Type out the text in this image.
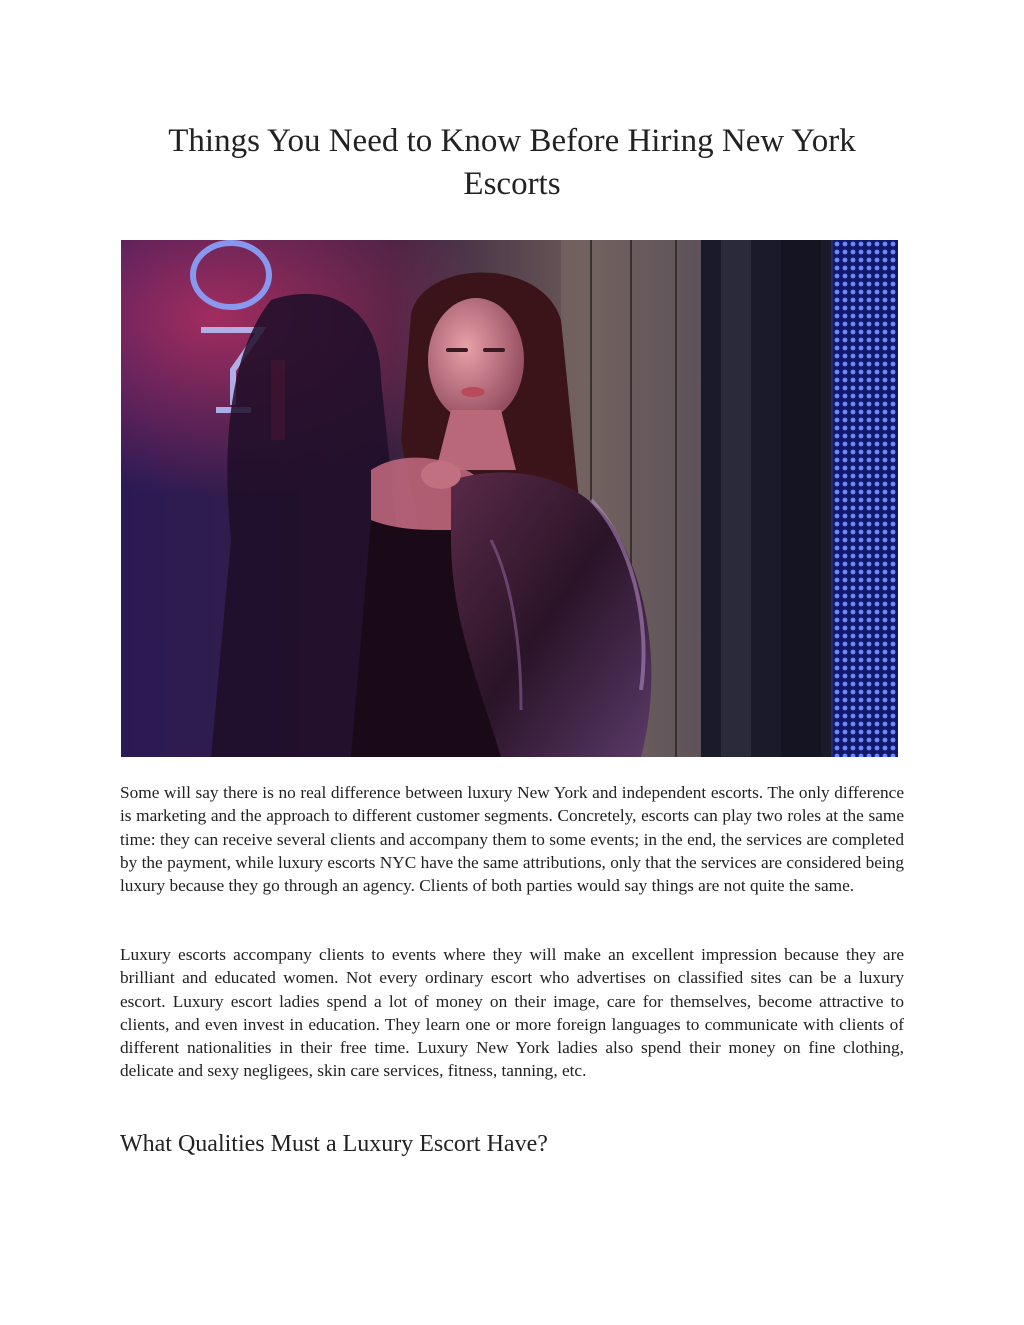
Things You Need to Know Before Hiring New York Escorts

Some will say there is no real difference between luxury New York and independent escorts. The only difference is marketing and the approach to different customer segments. Concretely, escorts can play two roles at the same time: they can receive several clients and accompany them to some events; in the end, the services are completed by the payment, while luxury escorts NYC have the same attributions, only that the services are considered being luxury because they go through an agency. Clients of both parties would say things are not quite the same.

Luxury escorts accompany clients to events where they will make an excellent impression because they are brilliant and educated women. Not every ordinary escort who advertises on classified sites can be a luxury escort. Luxury escort ladies spend a lot of money on their image, care for themselves, become attractive to clients, and even invest in education. They learn one or more foreign languages to communicate with clients of different nationalities in their free time. Luxury New York ladies also spend their money on fine clothing, delicate and sexy negligees, skin care services, fitness, tanning, etc.

What Qualities Must a Luxury Escort Have?
